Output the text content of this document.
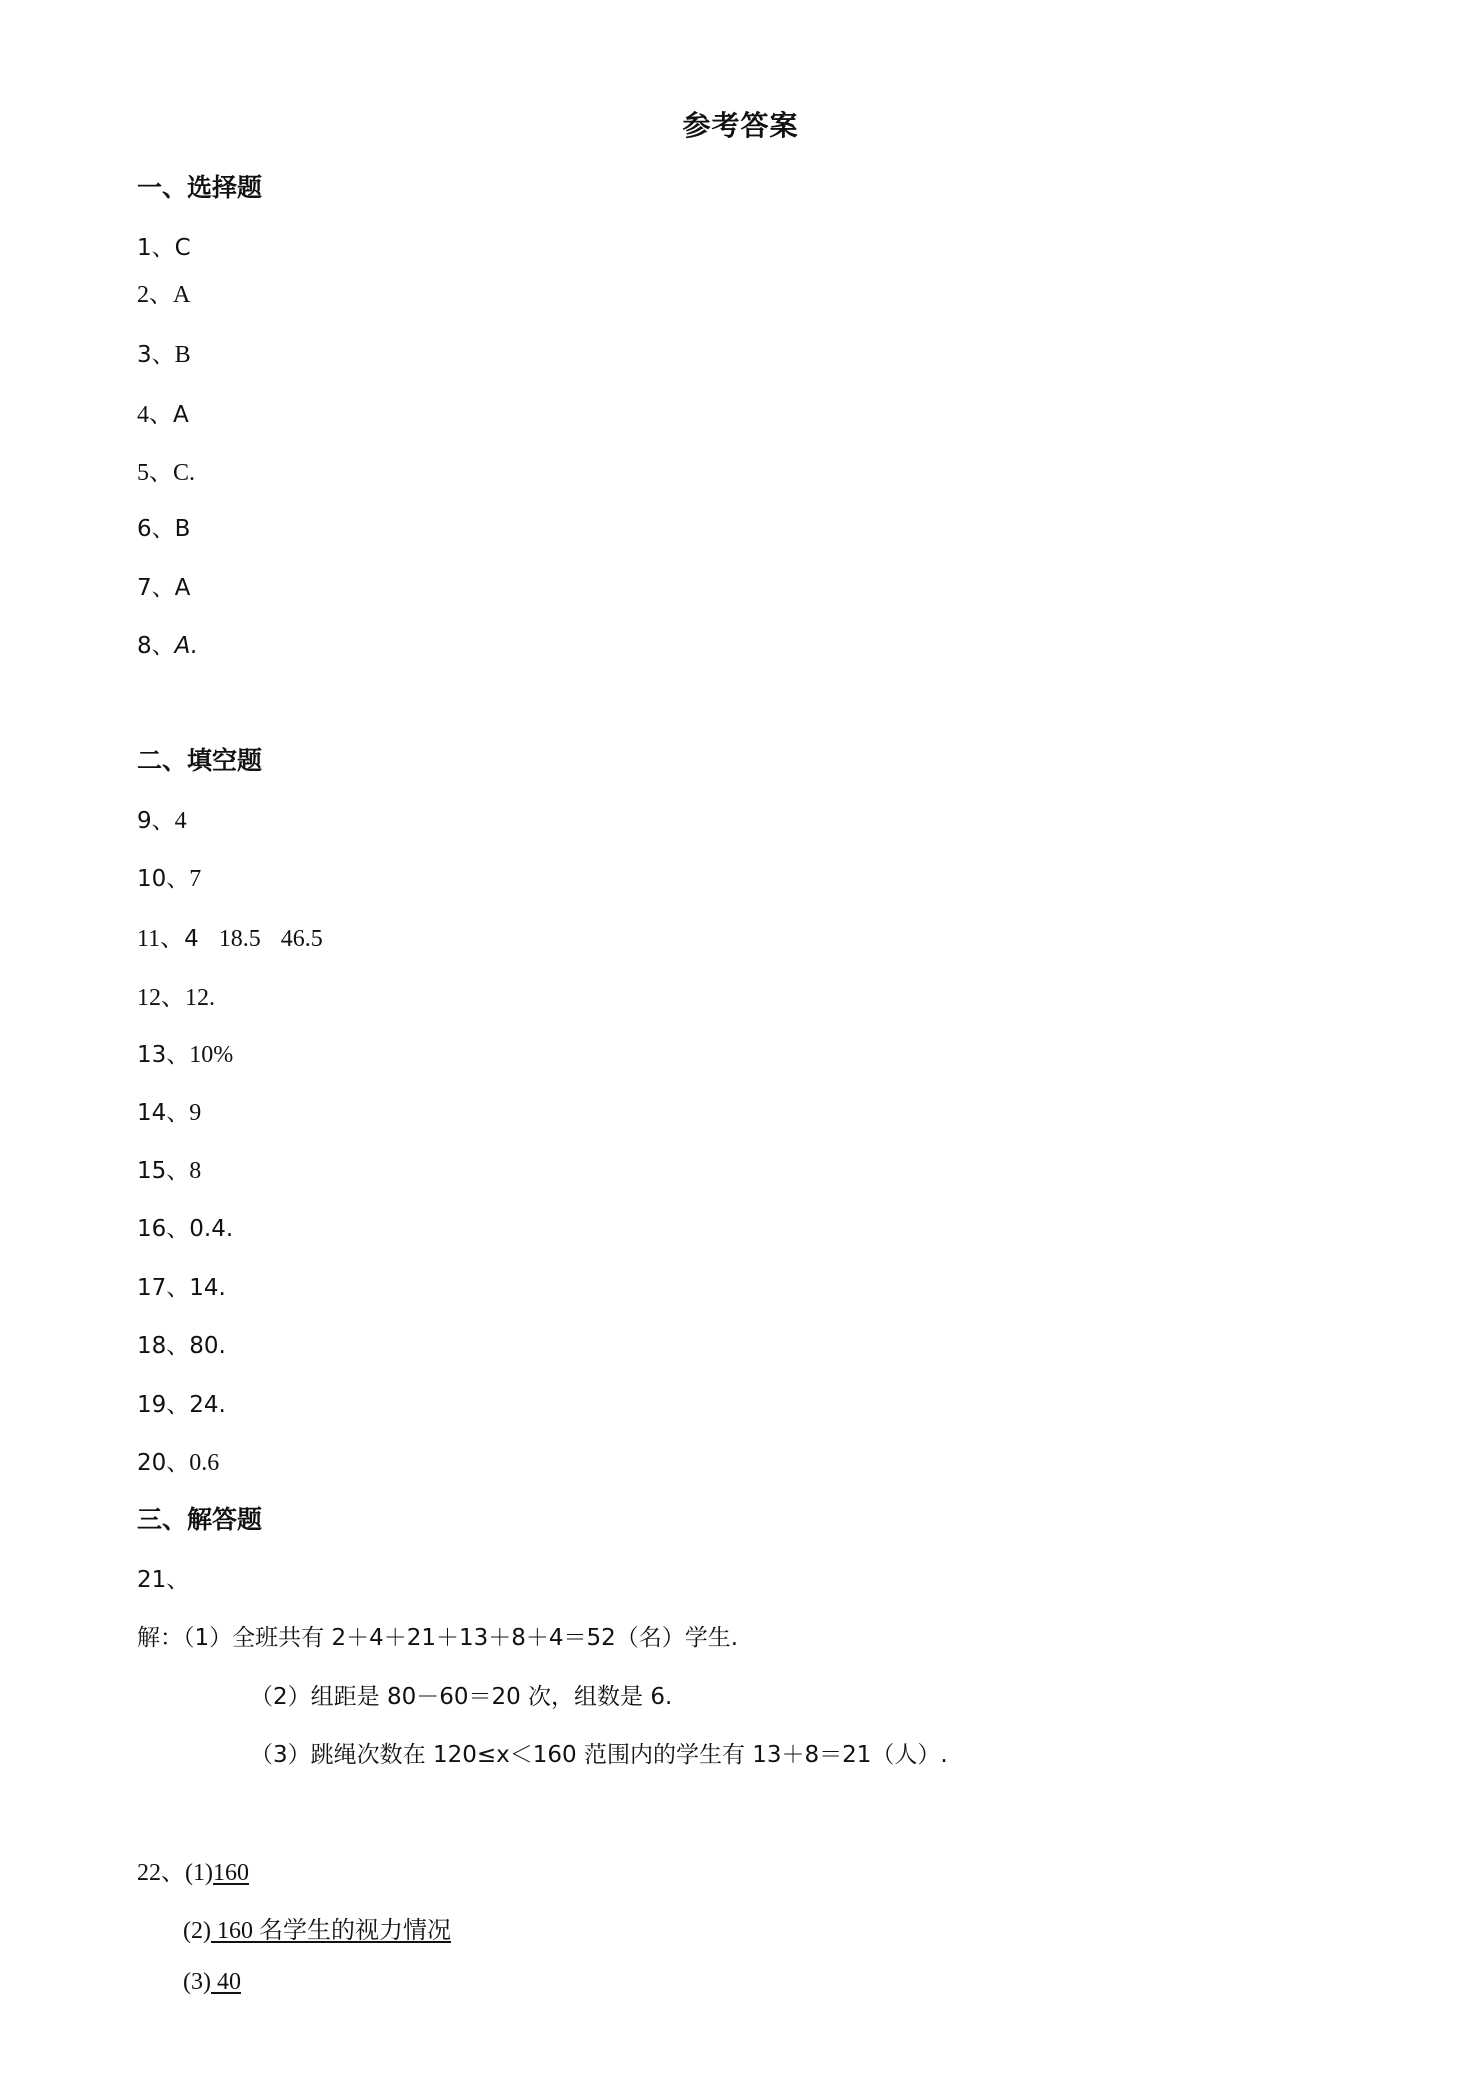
参考答案
一、选择题
1、C
2、A
3、B
4、A
5、C.
6、B
7、A
8、A.
二、填空题
9、4
10、7
11、4 18.5 46.5
12、12.
13、10%
14、9
15、8
16、0.4.
17、14.
18、80.
19、24.
20、0.6
三、解答题
21、
解：（1）全班共有 2＋4＋21＋13＋8＋4＝52（名）学生.
（2）组距是 80－60＝20 次，组数是 6.
（3）跳绳次数在 120≤x＜160 范围内的学生有 13＋8＝21（人）.
22、(1)160
(2) 160 名学生的视力情况
(3) 40
